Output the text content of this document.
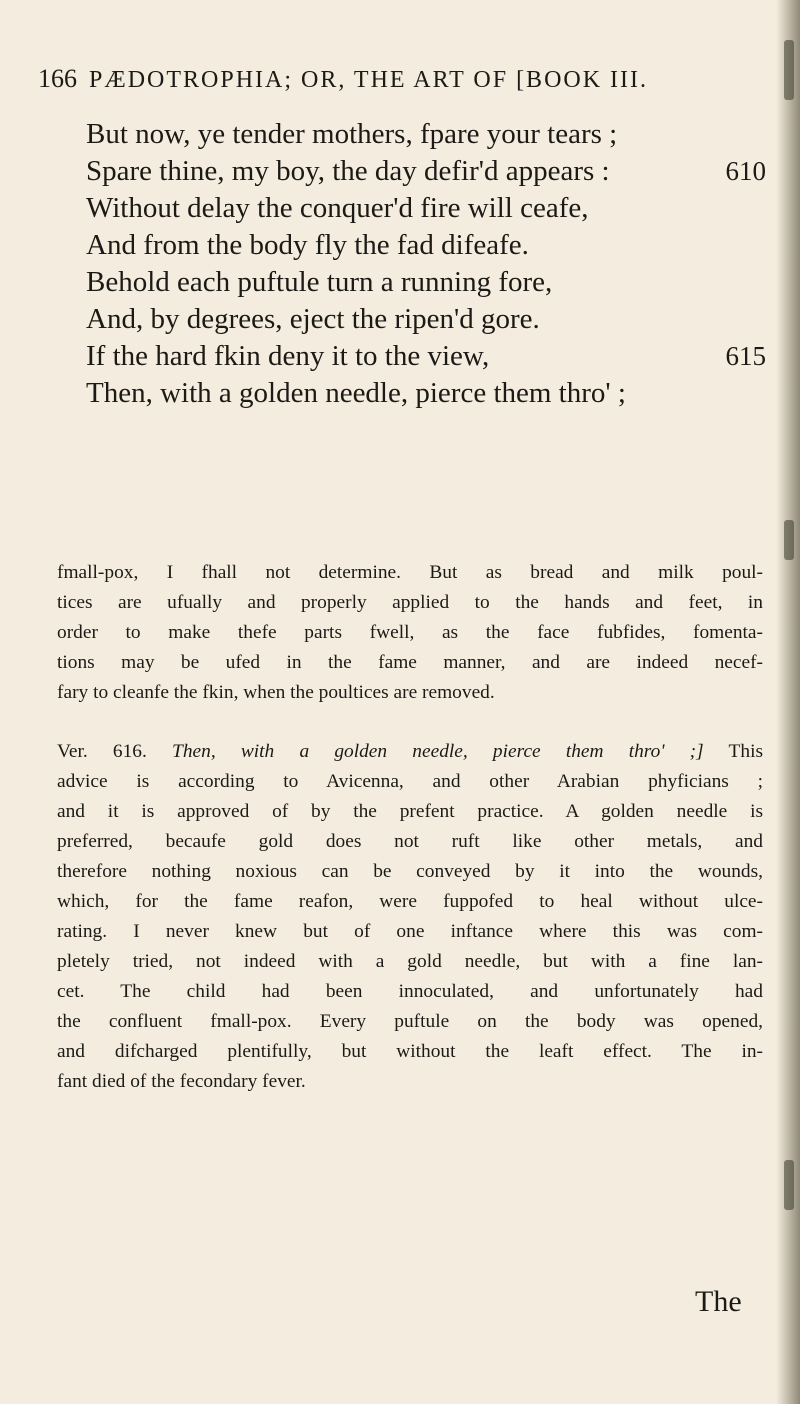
166 PÆDOTROPHIA; OR, THE ART OF [BOOK III.
But now, ye tender mothers, fpare your tears ;
Spare thine, my boy, the day defir'd appears :	610
Without delay the conquer'd fire will ceafe,
And from the body fly the fad difeafe.
Behold each puftule turn a running fore,
And, by degrees, eject the ripen'd gore.
If the hard fkin deny it to the view,	615
Then, with a golden needle, pierce them thro' ;
fmall-pox, I fhall not determine. But as bread and milk poul-
tices are ufually and properly applied to the hands and feet, in
order to make thefe parts fwell, as the face fubfides, fomenta-
tions may be ufed in the fame manner, and are indeed necef-
fary to cleanfe the fkin, when the poultices are removed.
Ver. 616. Then, with a golden needle, pierce them thro' ;] This
advice is according to Avicenna, and other Arabian phyficians ;
and it is approved of by the prefent practice. A golden needle is
preferred, becaufe gold does not ruft like other metals, and
therefore nothing noxious can be conveyed by it into the wounds,
which, for the fame reafon, were fuppofed to heal without ulce-
rating. I never knew but of one inftance where this was com-
pletely tried, not indeed with a gold needle, but with a fine lan-
cet. The child had been innoculated, and unfortunately had
the confluent fmall-pox. Every puftule on the body was opened,
and difcharged plentifully, but without the leaft effect. The in-
fant died of the fecondary fever.
The
